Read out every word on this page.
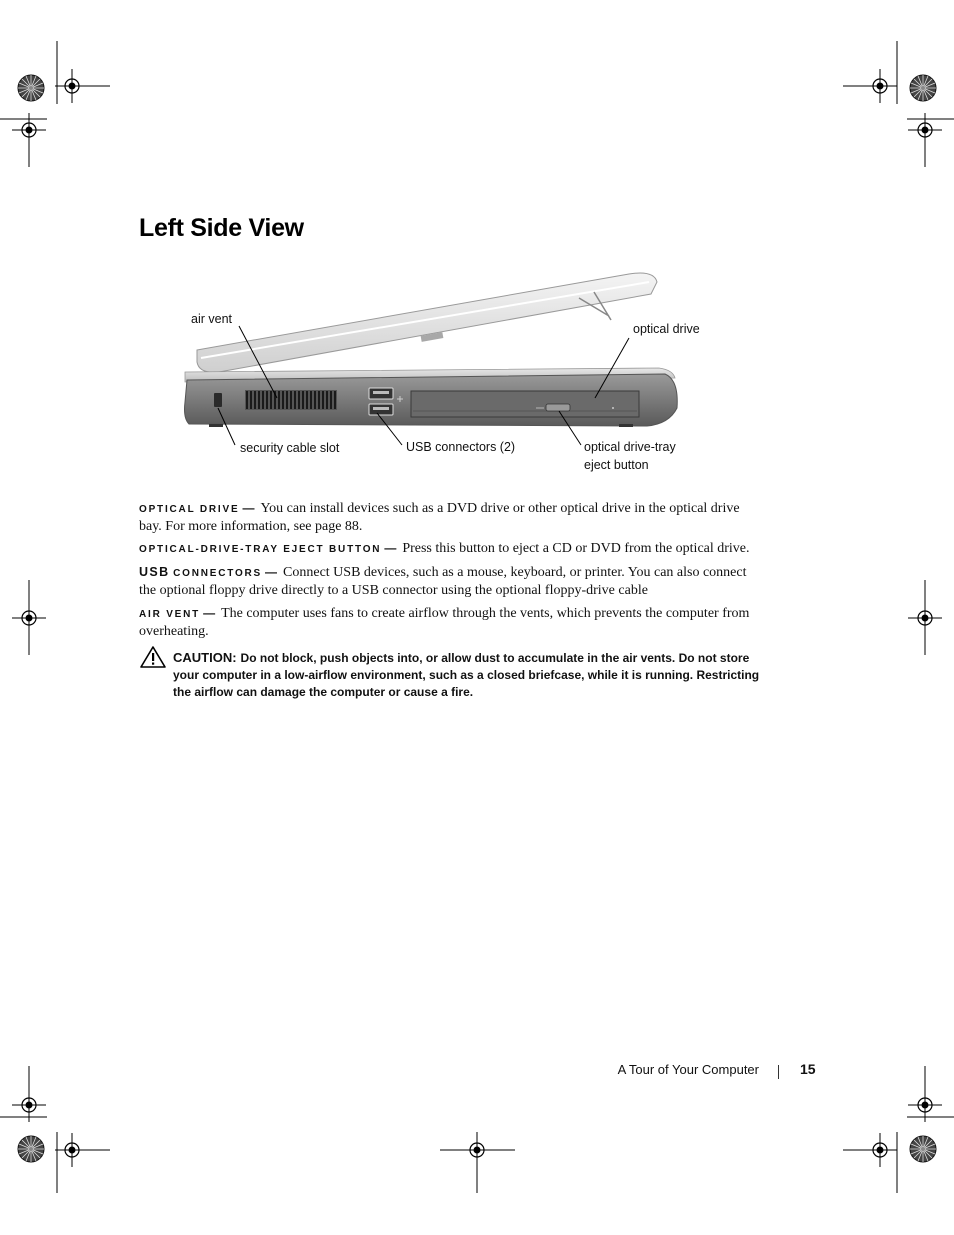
Left Side View
air vent
optical drive
security cable slot	USB connectors (2)	optical drive-tray
eject button
OPTICAL DRIVE — You can install devices such as a DVD drive or other optical drive in the optical drive bay. For more information, see page 88.
OPTICAL-DRIVE-TRAY EJECT BUTTON — Press this button to eject a CD or DVD from the optical drive.
USB CONNECTORS — Connect USB devices, such as a mouse, keyboard, or printer. You can also connect the optional floppy drive directly to a USB connector using the optional floppy-drive cable
AIR VENT — The computer uses fans to create airflow through the vents, which prevents the computer from overheating.
CAUTION: Do not block, push objects into, or allow dust to accumulate in the air vents. Do not store your computer in a low-airflow environment, such as a closed briefcase, while it is running. Restricting the airflow can damage the computer or cause a fire.
A Tour of Your Computer	15
